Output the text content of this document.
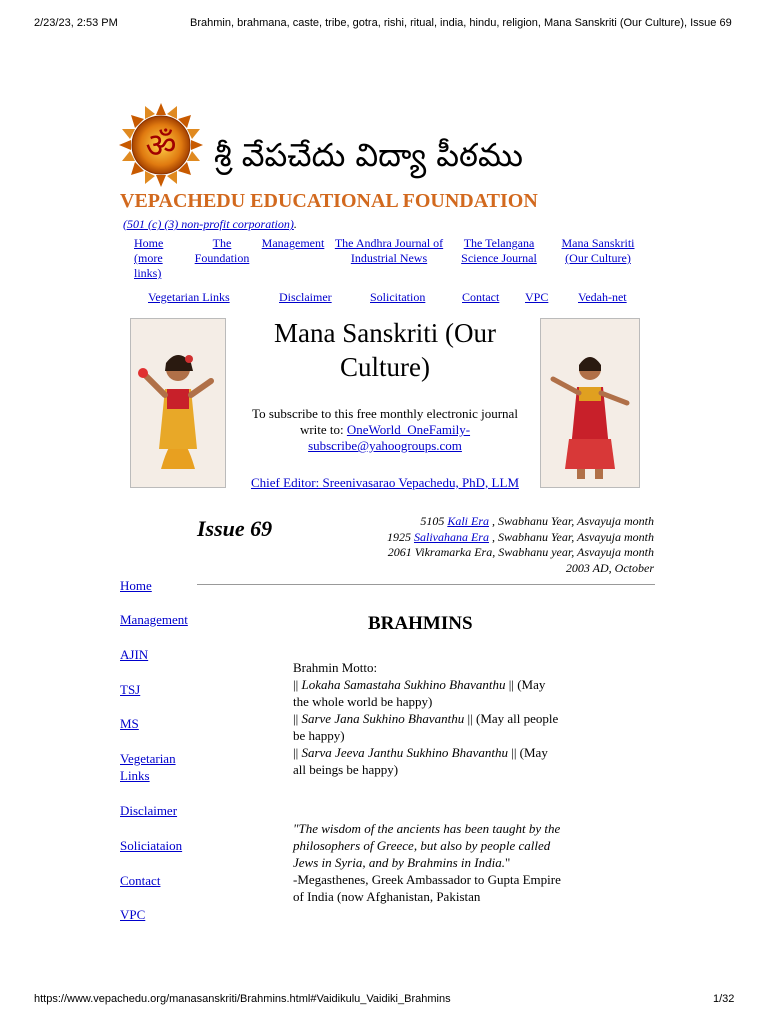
2/23/23, 2:53 PM	Brahmin, brahmana, caste, tribe, gotra, rishi, ritual, india, hindu, religion, Mana Sanskriti (Our Culture), Issue 69
https://www.vepachedu.org/manasanskriti/Brahmins.html#Vaidikulu_Vaidiki_Brahmins	1/32
ॐ శ్రీ వేపచేదు విద్యా పీఠము
VEPACHEDU EDUCATIONAL FOUNDATION
(501 (c) (3) non-profit corporation).
Home (more links)
The Foundation
Management The Andhra Journal of Industrial News
The Telangana Science Journal
Mana Sanskriti (Our Culture)
Vegetarian Links	Disclaimer	Solicitation	Contact VPC Vedah-net
Mana Sanskriti (Our Culture)
To subscribe to this free monthly electronic journal write to: OneWorld_OneFamily-subscribe@yahoogroups.com
Chief Editor: Sreenivasarao Vepachedu, PhD, LLM
Issue 69	5105 Kali Era , Swabhanu Year, Asvayuja month
1925 Salivahana Era , Swabhanu Year, Asvayuja month
2061 Vikramarka Era, Swabhanu year, Asvayuja month
2003 AD, October
Home
Management
AJIN
TSJ
MS
Vegetarian Links
Disclaimer
Soliciataion
Contact
VPC
BRAHMINS
Brahmin Motto:
|| Lokaha Samastaha Sukhino Bhavanthu || (May the whole world be happy)
|| Sarve Jana Sukhino Bhavanthu || (May all people be happy)
|| Sarva Jeeva Janthu Sukhino Bhavanthu || (May all beings be happy)
"The wisdom of the ancients has been taught by the philosophers of Greece, but also by people called Jews in Syria, and by Brahmins in India."
-Megasthenes, Greek Ambassador to Gupta Empire of India (now Afghanistan, Pakistan
